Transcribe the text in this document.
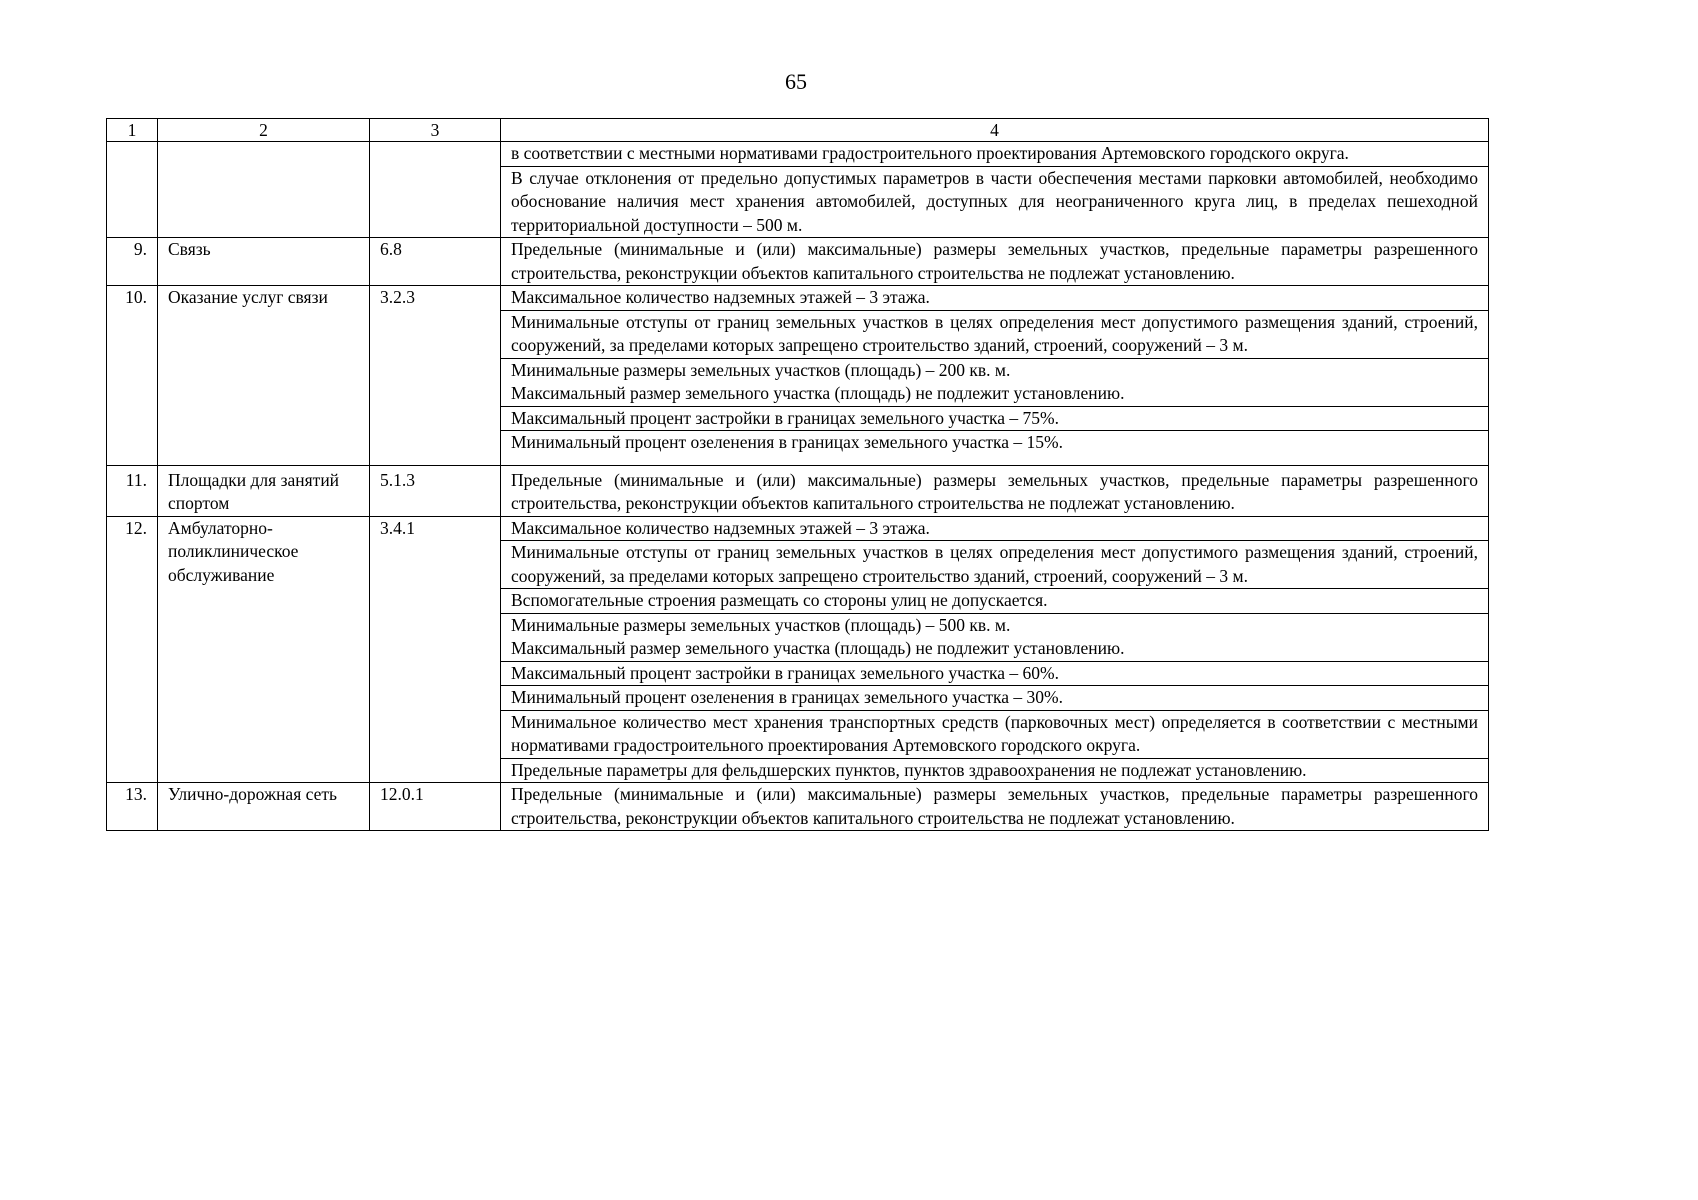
65
1	2	3	4
			в соответствии с местными нормативами градостроительного проектирования Артемовского городского округа.
			В случае отклонения от предельно допустимых параметров в части обеспечения местами парковки автомобилей, необходимо обоснование наличия мест хранения автомобилей, доступных для неограниченного круга лиц, в пределах пешеходной территориальной доступности – 500 м.
9.	Связь	6.8	Предельные (минимальные и (или) максимальные) размеры земельных участков, предельные параметры разрешенного строительства, реконструкции объектов капитального строительства не подлежат установлению.

10.	Оказание услуг связи	3.2.3	Максимальное количество надземных этажей – 3 этажа.

			Минимальные отступы от границ земельных участков в целях определения мест допустимого размещения зданий, строений, сооружений, за пределами которых запрещено строительство зданий, строений, сооружений – 3 м.

			Минимальные размеры земельных участков (площадь) – 200 кв. м.
Максимальный размер земельного участка (площадь) не подлежит установлению.

			Максимальный процент застройки в границах земельного участка – 75%.

			Минимальный процент озеленения в границах земельного участка – 15%.

11.	Площадки для занятий спортом	5.1.3	Предельные (минимальные и (или) максимальные) размеры земельных участков, предельные параметры разрешенного строительства, реконструкции объектов капитального строительства не подлежат установлению.

12.	Амбулаторно-поликлиническое обслуживание	3.4.1	Максимальное количество надземных этажей – 3 этажа.

			Минимальные отступы от границ земельных участков в целях определения мест допустимого размещения зданий, строений, сооружений, за пределами которых запрещено строительство зданий, строений, сооружений – 3 м.

			Вспомогательные строения размещать со стороны улиц не допускается.

			Минимальные размеры земельных участков (площадь) – 500 кв. м.
Максимальный размер земельного участка (площадь) не подлежит установлению.

			Максимальный процент застройки в границах земельного участка – 60%.

			Минимальный процент озеленения в границах земельного участка – 30%.

			Минимальное количество мест хранения транспортных средств (парковочных мест) определяется в соответствии с местными нормативами градостроительного проектирования Артемовского городского округа.

			Предельные параметры для фельдшерских пунктов, пунктов здравоохранения не подлежат установлению.

13.	Улично-дорожная сеть	12.0.1	Предельные (минимальные и (или) максимальные) размеры земельных участков, предельные параметры разрешенного строительства, реконструкции объектов капитального строительства не подлежат установлению.
